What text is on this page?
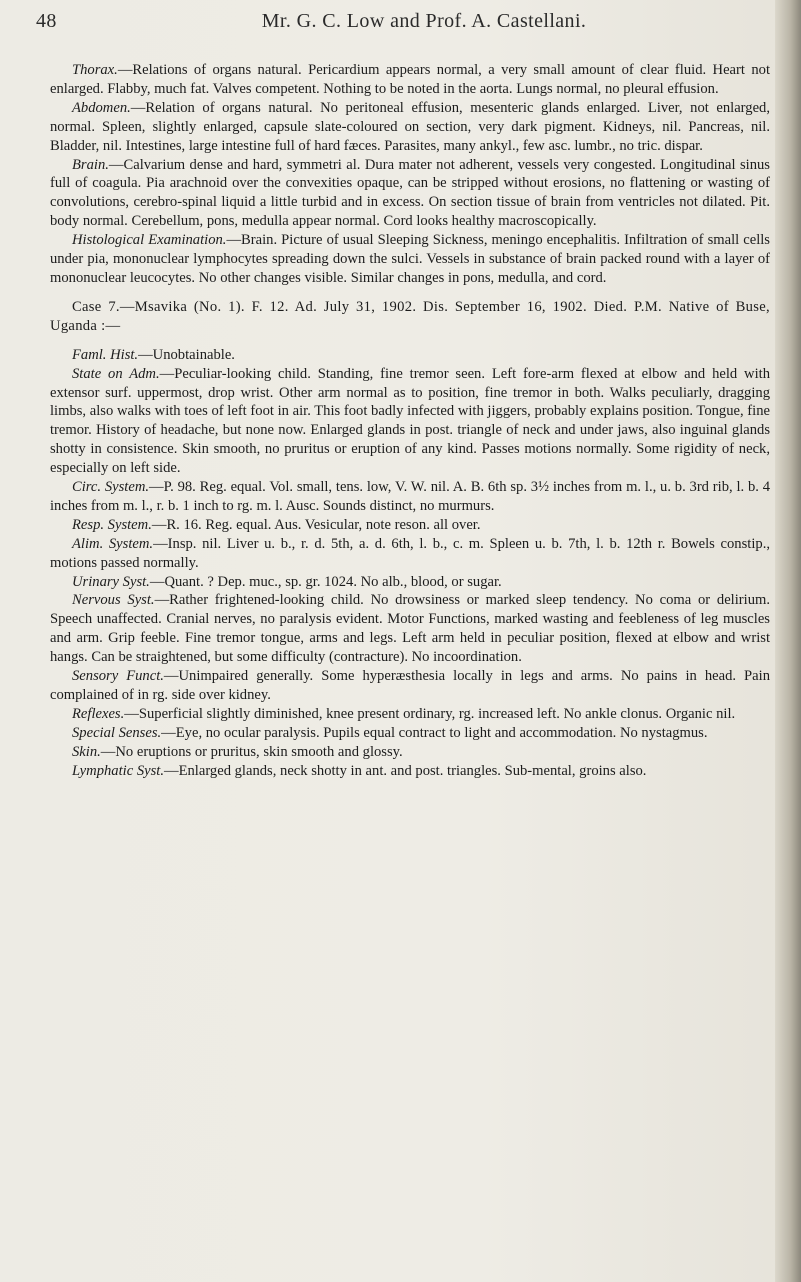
48	Mr. G. C. Low and Prof. A. Castellani.

Thorax.—Relations of organs natural. Pericardium appears normal, a very small amount of clear fluid. Heart not enlarged. Flabby, much fat. Valves competent. Nothing to be noted in the aorta. Lungs normal, no pleural effusion.

Abdomen.—Relation of organs natural. No peritoneal effusion, mesenteric glands enlarged. Liver, not enlarged, normal. Spleen, slightly enlarged, capsule slate-coloured on section, very dark pigment. Kidneys, nil. Pancreas, nil. Bladder, nil. Intestines, large intestine full of hard fæces. Parasites, many ankyl., few asc. lumbr., no tric. dispar.

Brain.—Calvarium dense and hard, symmetri al. Dura mater not adherent, vessels very congested. Longitudinal sinus full of coagula. Pia arachnoid over the convexities opaque, can be stripped without erosions, no flattening or wasting of convolutions, cerebro-spinal liquid a little turbid and in excess. On section tissue of brain from ventricles not dilated. Pit. body normal. Cerebellum, pons, medulla appear normal. Cord looks healthy macroscopically.

Histological Examination.—Brain. Picture of usual Sleeping Sickness, meningo encephalitis. Infiltration of small cells under pia, mononuclear lymphocytes spreading down the sulci. Vessels in substance of brain packed round with a layer of mononuclear leucocytes. No other changes visible. Similar changes in pons, medulla, and cord.

Case 7.—Msavika (No. 1). F. 12. Ad. July 31, 1902. Dis. September 16, 1902. Died. P.M. Native of Buse, Uganda :—

Faml. Hist.—Unobtainable.

State on Adm.—Peculiar-looking child. Standing, fine tremor seen. Left fore-arm flexed at elbow and held with extensor surf. uppermost, drop wrist. Other arm normal as to position, fine tremor in both. Walks peculiarly, dragging limbs, also walks with toes of left foot in air. This foot badly infected with jiggers, probably explains position. Tongue, fine tremor. History of headache, but none now. Enlarged glands in post. triangle of neck and under jaws, also inguinal glands shotty in consistence. Skin smooth, no pruritus or eruption of any kind. Passes motions normally. Some rigidity of neck, especially on left side.

Circ. System.—P. 98. Reg. equal. Vol. small, tens. low, V. W. nil. A. B. 6th sp. 3½ inches from m. l., u. b. 3rd rib, l. b. 4 inches from m. l., r. b. 1 inch to rg. m. l. Ausc. Sounds distinct, no murmurs.

Resp. System.—R. 16. Reg. equal. Aus. Vesicular, note reson. all over.

Alim. System.—Insp. nil. Liver u. b., r. d. 5th, a. d. 6th, l. b., c. m. Spleen u. b. 7th, l. b. 12th r. Bowels constip., motions passed normally.

Urinary Syst.—Quant. ? Dep. muc., sp. gr. 1024. No alb., blood, or sugar.

Nervous Syst.—Rather frightened-looking child. No drowsiness or marked sleep tendency. No coma or delirium. Speech unaffected. Cranial nerves, no paralysis evident. Motor Functions, marked wasting and feebleness of leg muscles and arm. Grip feeble. Fine tremor tongue, arms and legs. Left arm held in peculiar position, flexed at elbow and wrist hangs. Can be straightened, but some difficulty (contracture). No incoordination.

Sensory Funct.—Unimpaired generally. Some hyperæsthesia locally in legs and arms. No pains in head. Pain complained of in rg. side over kidney.

Reflexes.—Superficial slightly diminished, knee present ordinary, rg. increased left. No ankle clonus. Organic nil.

Special Senses.—Eye, no ocular paralysis. Pupils equal contract to light and accommodation. No nystagmus.

Skin.—No eruptions or pruritus, skin smooth and glossy.

Lymphatic Syst.—Enlarged glands, neck shotty in ant. and post. triangles. Sub-mental, groins also.
